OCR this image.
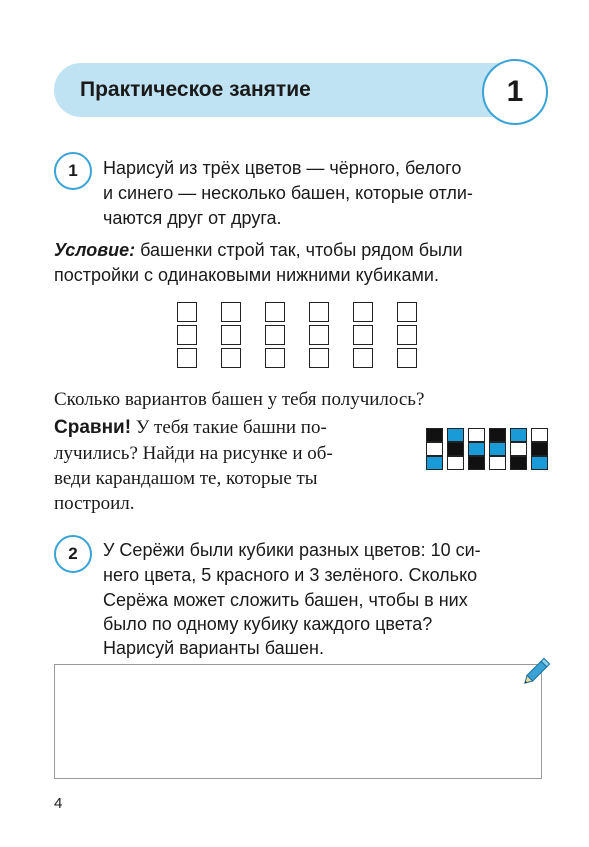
Практическое занятие	1
1	Нарисуй из трёх цветов — чёрного, белого
и синего — несколько башен, которые отли-
чаются друг от друга.
Условие: башенки строй так, чтобы рядом были
постройки с одинаковыми нижними кубиками.
Сколько вариантов башен у тебя получилось?
Сравни! У тебя такие башни по-
лучились? Найди на рисунке и об-
веди карандашом те, которые ты
построил.
2	У Серёжи были кубики разных цветов: 10 си-
него цвета, 5 красного и 3 зелёного. Сколько
Серёжа может сложить башен, чтобы в них
было по одному кубику каждого цвета?
Нарисуй варианты башен.
4
